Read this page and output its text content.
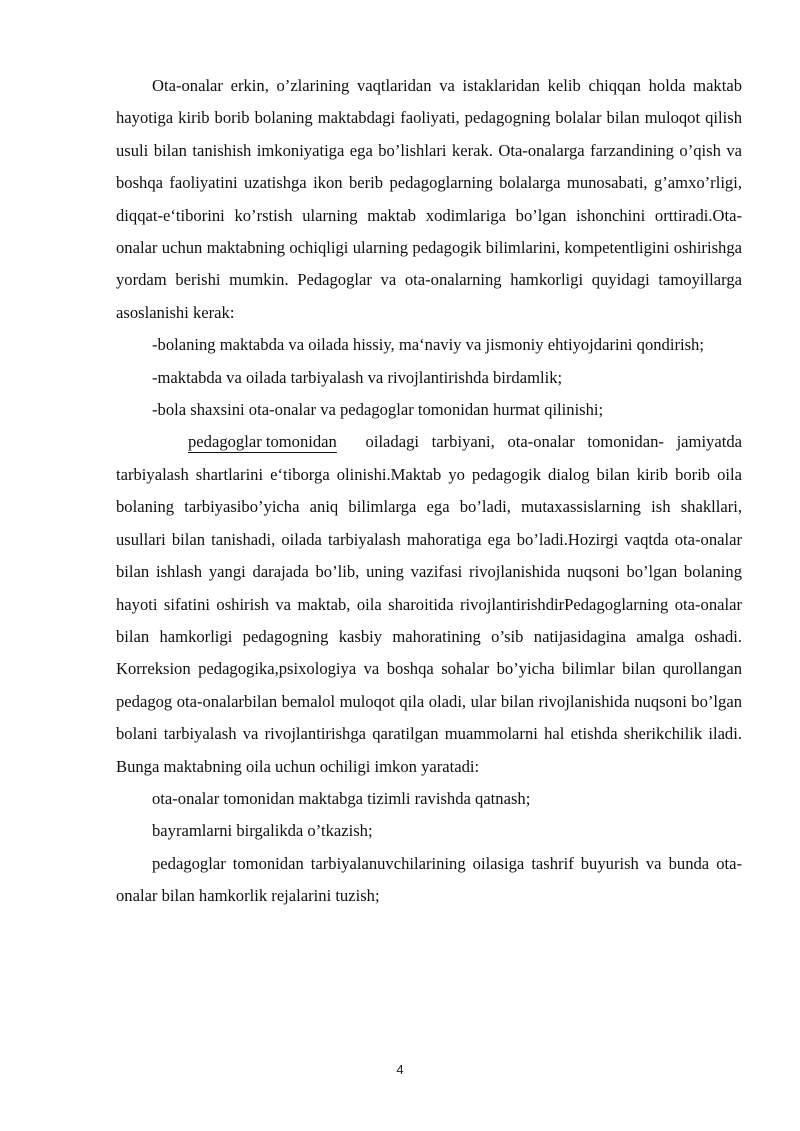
Ota-onalar erkin, o’zlarining vaqtlaridan va istaklaridan kelib chiqqan holda maktab hayotiga kirib borib bolaning maktabdagi faoliyati, pedagogning bolalar bilan muloqot qilish usuli bilan tanishish imkoniyatiga ega bo’lishlari kerak. Ota-onalarga farzandining o’qish va boshqa faoliyatini uzatishga ikon berib pedagoglarning bolalarga munosabati, g’amxo’rligi, diqqat-e‘tiborini ko’rstish ularning maktab xodimlariga bo’lgan ishonchini orttiradi.Ota-onalar uchun maktabning ochiqligi ularning pedagogik bilimlarini, kompetentligini oshirishga yordam berishi mumkin. Pedagoglar va ota-onalarning hamkorligi quyidagi tamoyillarga asoslanishi kerak:

-bolaning maktabda va oilada hissiy, ma‘naviy va jismoniy ehtiyojdarini qondirish;

-maktabda va oilada tarbiyalash va rivojlantirishda birdamlik;

-bola shaxsini ota-onalar va pedagoglar tomonidan hurmat qilinishi;

pedagoglar tomonidan oiladagi tarbiyani, ota-onalar tomonidan- jamiyatda tarbiyalash shartlarini e‘tiborga olinishi.Maktab yo pedagogik dialog bilan kirib borib oila bolaning tarbiyasibo’yicha aniq bilimlarga ega bo’ladi, mutaxassislarning ish shakllari, usullari bilan tanishadi, oilada tarbiyalash mahoratiga ega bo’ladi.Hozirgi vaqtda ota-onalar bilan ishlash yangi darajada bo’lib, uning vazifasi rivojlanishida nuqsoni bo’lgan bolaning hayoti sifatini oshirish va maktab, oila sharoitida rivojlantirishdirPedagoglarning ota-onalar bilan hamkorligi pedagogning kasbiy mahoratining o’sib natijasidagina amalga oshadi. Korreksion pedagogika,psixologiya va boshqa sohalar bo’yicha bilimlar bilan qurollangan pedagog ota-onalarbilan bemalol muloqot qila oladi, ular bilan rivojlanishida nuqsoni bo’lgan bolani tarbiyalash va rivojlantirishga qaratilgan muammolarni hal etishda sherikchilik iladi. Bunga maktabning oila uchun ochiligi imkon yaratadi:

ota-onalar tomonidan maktabga tizimli ravishda qatnash;

bayramlarni birgalikda o’tkazish;

pedagoglar tomonidan tarbiyalanuvchilarining oilasiga tashrif buyurish va bunda ota-onalar bilan hamkorlik rejalarini tuzish;

4
